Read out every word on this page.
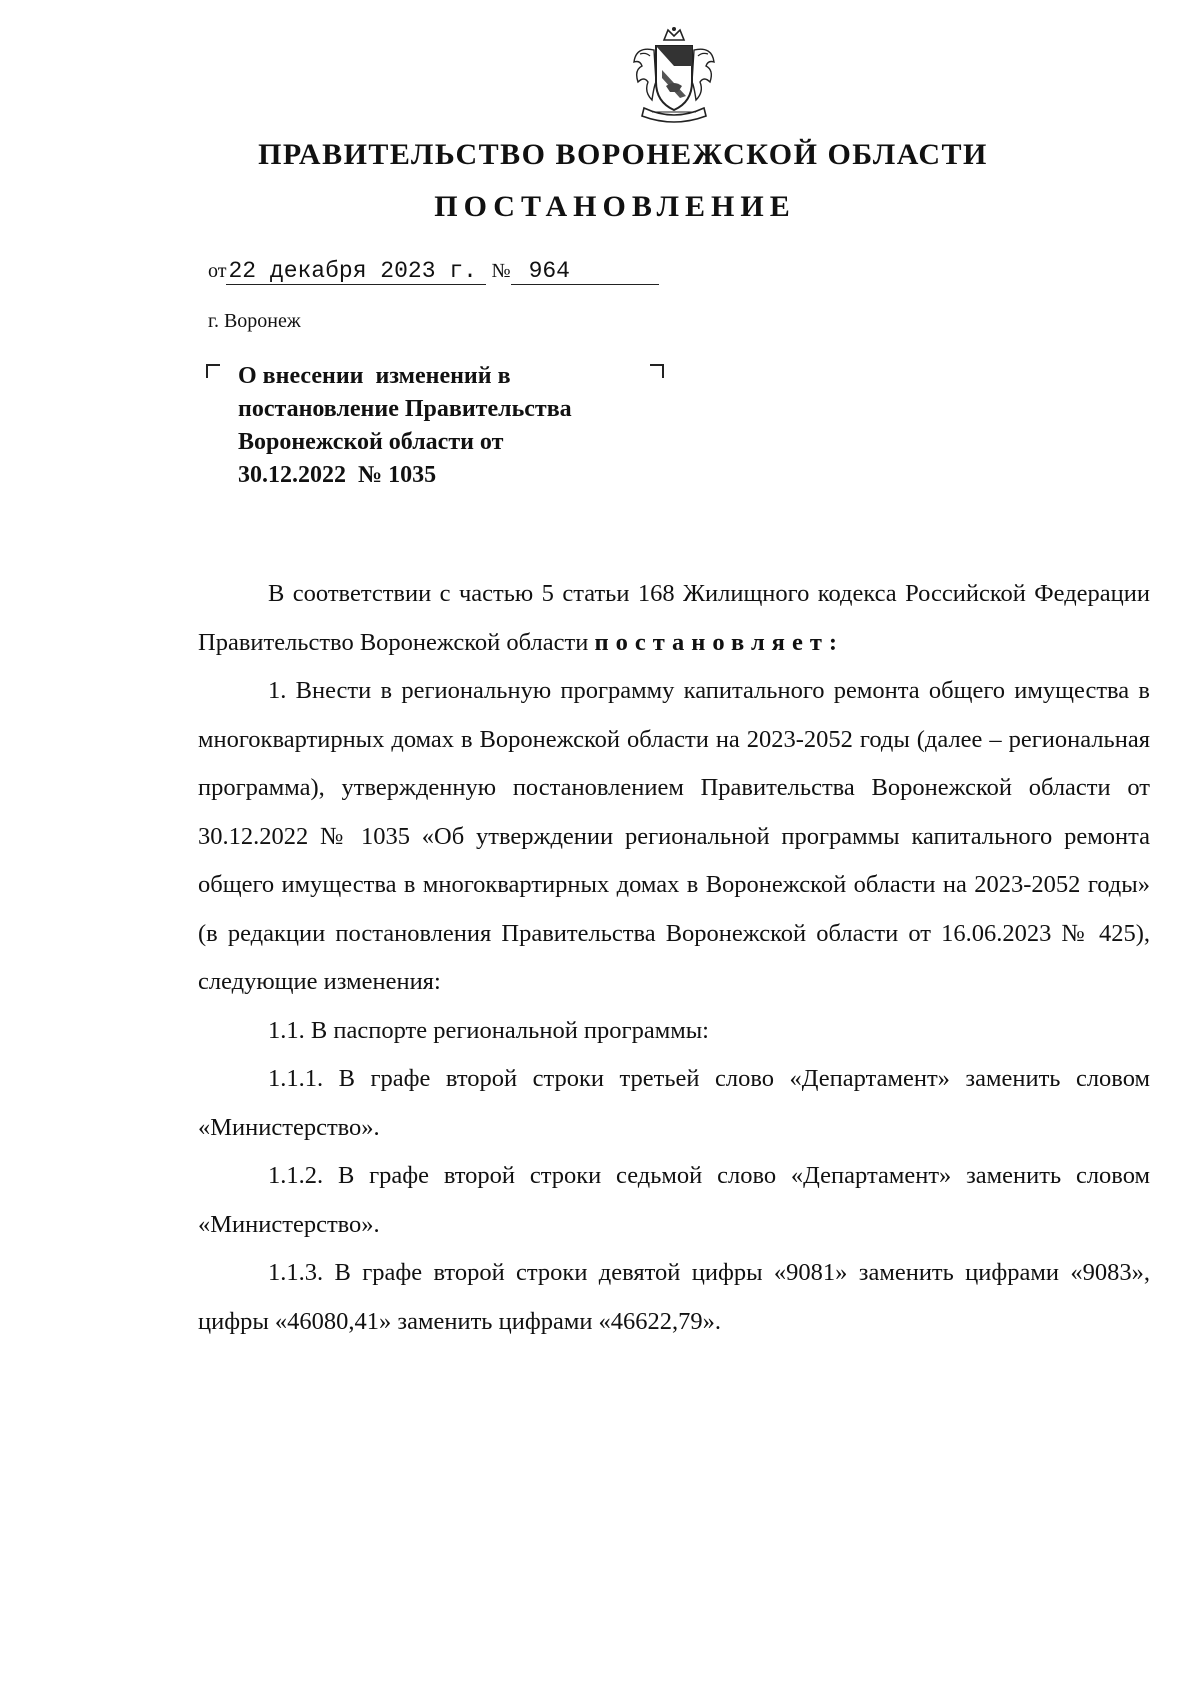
ПРАВИТЕЛЬСТВО ВОРОНЕЖСКОЙ ОБЛАСТИ
ПОСТАНОВЛЕНИЕ
от22 декабря 2023 г. № 964
г. Воронеж
О внесении  изменений в
постановление Правительства
Воронежской области от
30.12.2022  № 1035

В соответствии с частью 5 статьи 168 Жилищного кодекса Российской Федерации Правительство Воронежской области постановляет:

1. Внести в региональную программу капитального ремонта общего имущества в многоквартирных домах в Воронежской области на 2023-2052 годы (далее – региональная программа), утвержденную постановлением Правительства Воронежской области от 30.12.2022 № 1035 «Об утверждении региональной программы капитального ремонта общего имущества в многоквартирных домах в Воронежской области на 2023-2052 годы» (в редакции постановления Правительства Воронежской области от 16.06.2023 № 425), следующие изменения:

1.1. В паспорте региональной программы:

1.1.1. В графе второй строки третьей слово «Департамент» заменить словом «Министерство».

1.1.2. В графе второй строки седьмой слово «Департамент» заменить словом «Министерство».

1.1.3. В графе второй строки девятой цифры «9081» заменить цифрами «9083», цифры «46080,41» заменить цифрами «46622,79».
